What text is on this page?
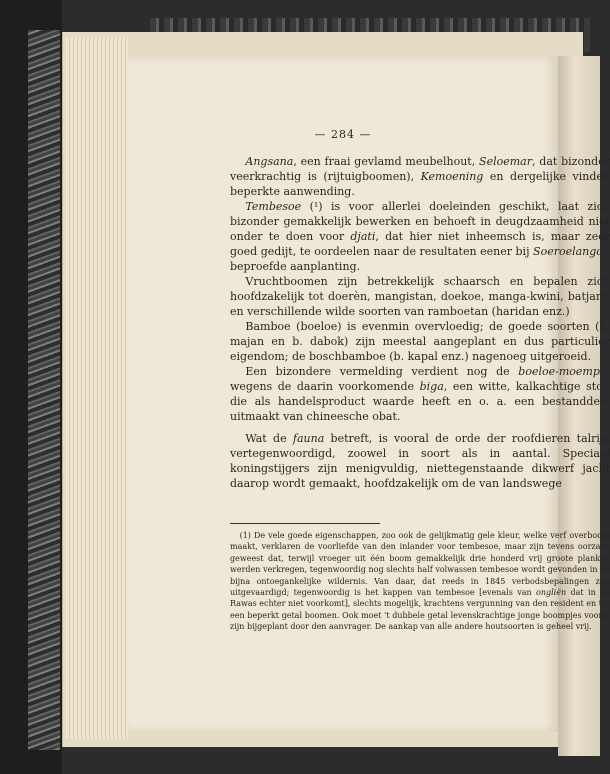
— 284 —

Angsana, een fraai gevlamd meubelhout, Seloemar, dat bizonder veerkrachtig is (rijtuigboomen), Kemoening en dergelijke vinden beperkte aanwending.

Tembesoe (¹) is voor allerlei doeleinden geschikt, laat zich bizonder gemakkelijk bewerken en behoeft in deugdzaamheid niet onder te doen voor djati, dat hier niet inheemsch is, maar zeer goed gedijt, te oordeelen naar de resultaten eener bij Soeroelangon beproefde aanplanting.

Vruchtboomen zijn betrekkelijk schaarsch en bepalen zich hoofdzakelijk tot doerèn, mangistan, doekoe, manga-kwini, batjang en verschillende wilde soorten van ramboetan (haridan enz.)

Bamboe (boeloe) is evenmin overvloedig; de goede soorten (b. majan en b. dabok) zijn meestal aangeplant en dus particulier eigendom; de boschbamboe (b. kapal enz.) nagenoeg uitgeroeid.

Een bizondere vermelding verdient nog de boeloe-moempo, wegens de daarin voorkomende biga, een witte, kalkachtige stof, die als handelsproduct waarde heeft en o. a. een bestanddeel uitmaakt van chineesche obat.

Wat de fauna betreft, is vooral de orde der roofdieren talrijk vertegenwoordigd, zoowel in soort als in aantal. Speciaal koningstijgers zijn menigvuldig, niettegenstaande dikwerf jacht daarop wordt gemaakt, hoofdzakelijk om de van landswege

(1) De vele goede eigenschappen, zoo ook de gelijkmatig gele kleur, welke verf overbodig maakt, verklaren de voorliefde van den inlander voor tembesoe, maar zijn tevens oorzaak geweest dat, terwijl vroeger uit één boom gemakkelijk drie honderd vrij groote planken werden verkregen, tegenwoordig nog slechts half volwassen tembesoe wordt gevonden in de bijna ontoegankelijke wildernis. Van daar, dat reeds in 1845 verbodsbepalingen zijn uitgevaardigd; tegenwoordig is het kappen van tembesoe [evenals van ongliën dat in de Rawas echter niet voorkomt], slechts mogelijk, krachtens vergunning van den resident en tot een beperkt getal boomen. Ook moet 't dubbele getal levenskrachtige jonge boompjes vooraf zijn bijgeplant door den aanvrager. De aankap van alle andere houtsoorten is geheel vrij.
